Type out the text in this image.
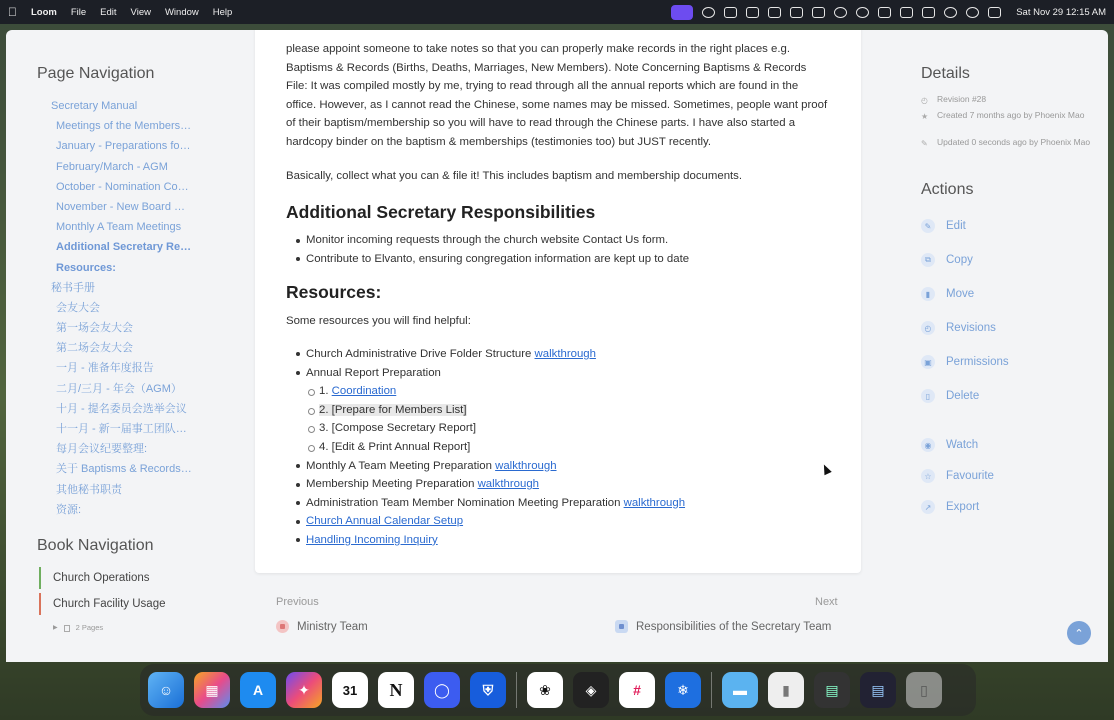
Loom File Edit View Window Help	Sat Nov 29 12:15 AM
Page Navigation
Secretary Manual
Meetings of the Members…
January - Preparations fo…
February/March - AGM
October - Nomination Co…
November - New Board …
Monthly A Team Meetings
Additional Secretary Re…
Resources:
秘书手册
会友大会
第一场会友大会
第二场会友大会
一月 - 准备年度报告
二月/三月 - 年会（AGM）
十月 - 提名委员会选举会议
十一月 - 新一届事工团队…
每月会议纪要整理:
关于 Baptisms & Records…
其他秘书职责
资源:
Book Navigation
Church Operations
Church Facility Usage
▶ 2 Pages

please appoint someone to take notes so that you can properly make records in the right places e.g. Baptisms & Records (Births, Deaths, Marriages, New Members). Note Concerning Baptisms & Records File: It was compiled mostly by me, trying to read through all the annual reports which are found in the office. However, as I cannot read the Chinese, some names may be missed. Sometimes, people want proof of their baptism/membership so you will have to read through the Chinese parts. I have also started a hardcopy binder on the baptism & memberships (testimonies too) but JUST recently.

Basically, collect what you can & file it! This includes baptism and membership documents.

Additional Secretary Responsibilities
Monitor incoming requests through the church website Contact Us form.
Contribute to Elvanto, ensuring congregation information are kept up to date
Resources:

Some resources you will find helpful:

Church Administrative Drive Folder Structure walkthrough
Annual Report Preparation
1. Coordination
2. [Prepare for Members List]
3. [Compose Secretary Report]
4. [Edit & Print Annual Report]
Monthly A Team Meeting Preparation walkthrough
Membership Meeting Preparation walkthrough
Administration Team Member Nomination Meeting Preparation walkthrough
Church Annual Calendar Setup
Handling Incoming Inquiry
Previous
Ministry Team
Next
Responsibilities of the Secretary Team
Details
◴ Revision #28
★ Created 7 months ago by Phoenix Mao
✎ Updated 0 seconds ago by Phoenix Mao
Actions
✎	Edit
⧉	Copy
▮	Move
◴	Revisions
▣ Permissions
▯	Delete
◉	Watch
☆ Favourite
↗	Export
⌃
☺	▦	A	✦	31 N	◯	⛨	❀	◈	#	❄	▬	▮	▤	▤	▯
